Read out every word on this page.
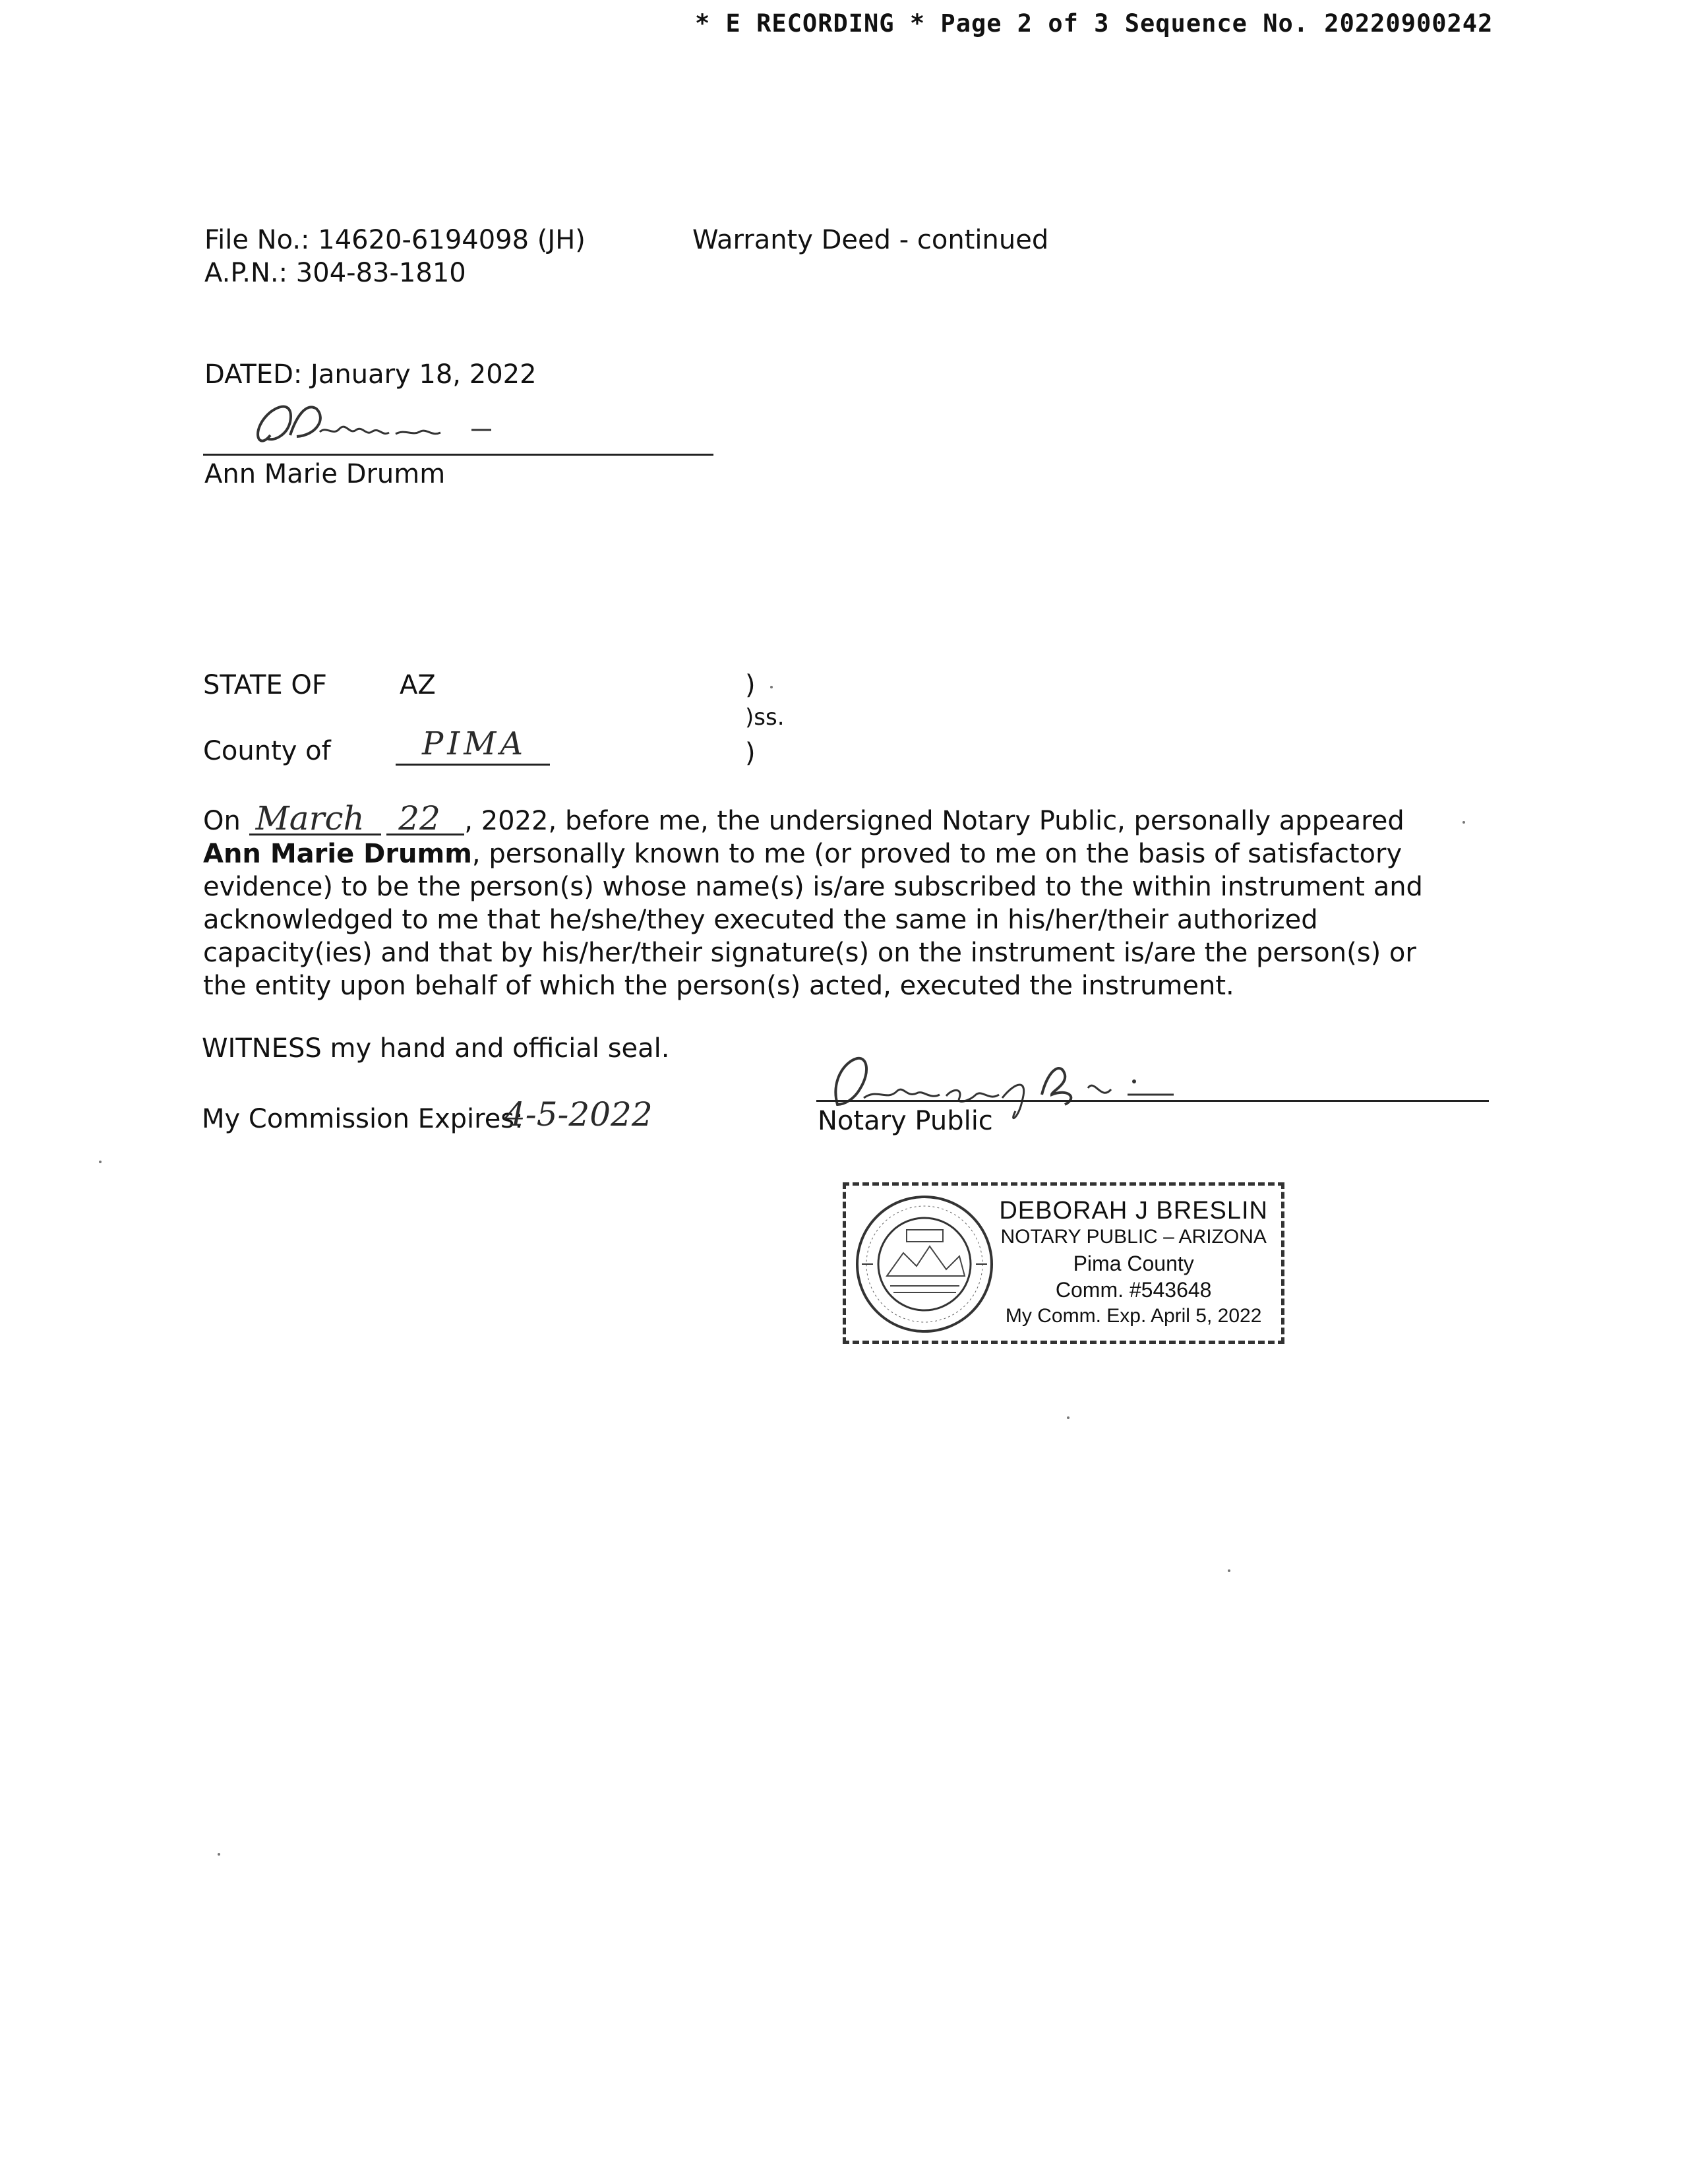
* E RECORDING * Page 2 of 3 Sequence No. 20220900242
File No.: 14620-6194098 (JH)
A.P.N.: 304-83-1810
Warranty Deed - continued
DATED: January 18, 2022
Ann Marie Drumm
STATE OF	AZ	)
)ss.
)
County of	PIMA
On March 22 , 2022, before me, the undersigned Notary Public, personally appeared Ann Marie Drumm, personally known to me (or proved to me on the basis of satisfactory evidence) to be the person(s) whose name(s) is/are subscribed to the within instrument and acknowledged to me that he/she/they executed the same in his/her/their authorized capacity(ies) and that by his/her/their signature(s) on the instrument is/are the person(s) or the entity upon behalf of which the person(s) acted, executed the instrument.
WITNESS my hand and official seal.
My Commission Expires:
4-5-2022	Notary Public
DEBORAH J BRESLIN
NOTARY PUBLIC – ARIZONA
Pima County
Comm. #543648
My Comm. Exp. April 5, 2022
